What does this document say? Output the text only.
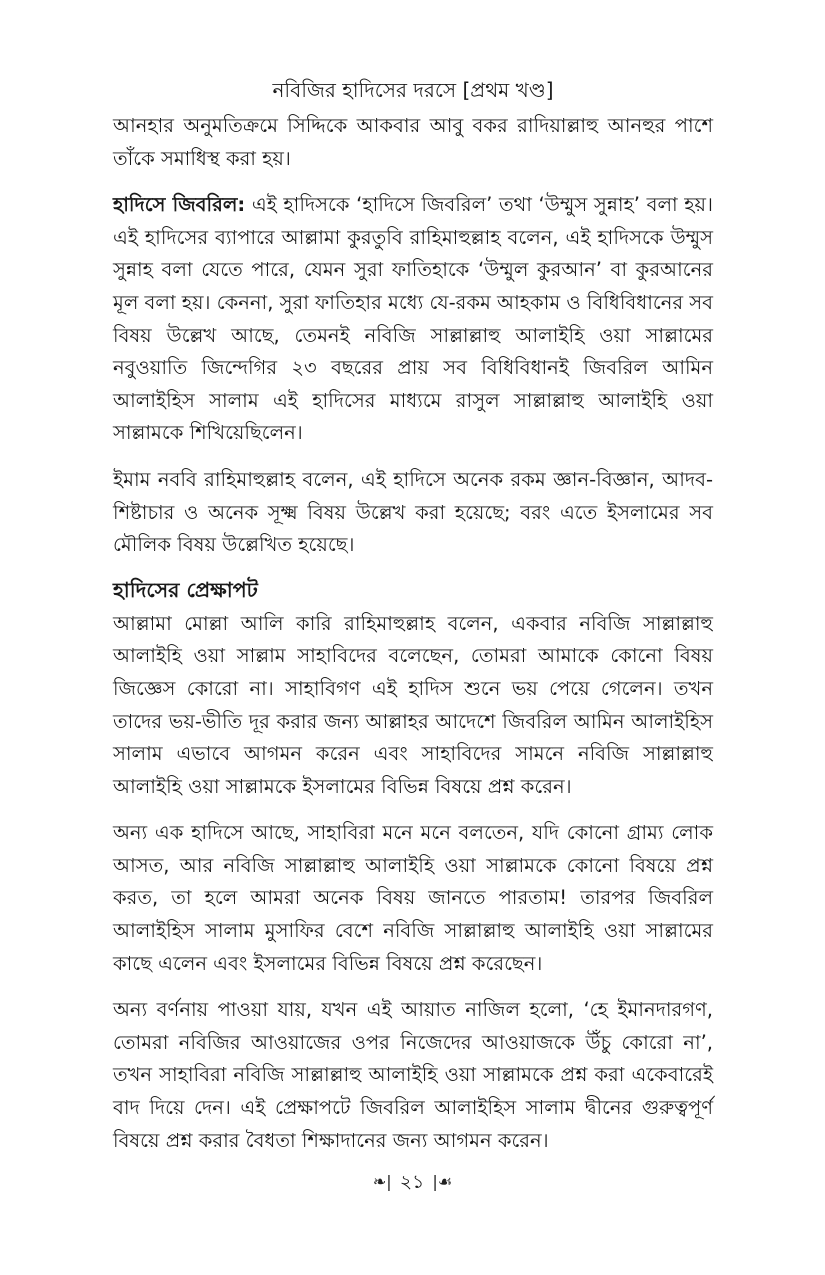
নবিজির হাদিসের দরসে [প্রথম খণ্ড]

আনহার অনুমতিক্রমে সিদ্দিকে আকবার আবু বকর রাদিয়াল্লাহু আনহুর পাশে তাঁকে সমাধিস্থ করা হয়।

হাদিসে জিবরিল: এই হাদিসকে ‘হাদিসে জিবরিল’ তথা ‘উম্মুস সুন্নাহ’ বলা হয়। এই হাদিসের ব্যাপারে আল্লামা কুরতুবি রাহিমাহুল্লাহ বলেন, এই হাদিসকে উম্মুস সুন্নাহ বলা যেতে পারে, যেমন সুরা ফাতিহাকে ‘উম্মুল কুরআন’ বা কুরআনের মূল বলা হয়। কেননা, সুরা ফাতিহার মধ্যে যে-রকম আহকাম ও বিধিবিধানের সব বিষয় উল্লেখ আছে, তেমনই নবিজি সাল্লাল্লাহু আলাইহি ওয়া সাল্লামের নবুওয়াতি জিন্দেগির ২৩ বছরের প্রায় সব বিধিবিধানই জিবরিল আমিন আলাইহিস সালাম এই হাদিসের মাধ্যমে রাসুল সাল্লাল্লাহু আলাইহি ওয়া সাল্লামকে শিখিয়েছিলেন।

ইমাম নববি রাহিমাহুল্লাহ বলেন, এই হাদিসে অনেক রকম জ্ঞান-বিজ্ঞান, আদব-শিষ্টাচার ও অনেক সূক্ষ্ম বিষয় উল্লেখ করা হয়েছে; বরং এতে ইসলামের সব মৌলিক বিষয় উল্লেখিত হয়েছে।

হাদিসের প্রেক্ষাপট

আল্লামা মোল্লা আলি কারি রাহিমাহুল্লাহ বলেন, একবার নবিজি সাল্লাল্লাহু আলাইহি ওয়া সাল্লাম সাহাবিদের বলেছেন, তোমরা আমাকে কোনো বিষয় জিজ্ঞেস কোরো না। সাহাবিগণ এই হাদিস শুনে ভয় পেয়ে গেলেন। তখন তাদের ভয়-ভীতি দূর করার জন্য আল্লাহর আদেশে জিবরিল আমিন আলাইহিস সালাম এভাবে আগমন করেন এবং সাহাবিদের সামনে নবিজি সাল্লাল্লাহু আলাইহি ওয়া সাল্লামকে ইসলামের বিভিন্ন বিষয়ে প্রশ্ন করেন।

অন্য এক হাদিসে আছে, সাহাবিরা মনে মনে বলতেন, যদি কোনো গ্রাম্য লোক আসত, আর নবিজি সাল্লাল্লাহু আলাইহি ওয়া সাল্লামকে কোনো বিষয়ে প্রশ্ন করত, তা হলে আমরা অনেক বিষয় জানতে পারতাম! তারপর জিবরিল আলাইহিস সালাম মুসাফির বেশে নবিজি সাল্লাল্লাহু আলাইহি ওয়া সাল্লামের কাছে এলেন এবং ইসলামের বিভিন্ন বিষয়ে প্রশ্ন করেছেন।

অন্য বর্ণনায় পাওয়া যায়, যখন এই আয়াত নাজিল হলো, ‘হে ইমানদারগণ, তোমরা নবিজির আওয়াজের ওপর নিজেদের আওয়াজকে উঁচু কোরো না’, তখন সাহাবিরা নবিজি সাল্লাল্লাহু আলাইহি ওয়া সাল্লামকে প্রশ্ন করা একেবারেই বাদ দিয়ে দেন। এই প্রেক্ষাপটে জিবরিল আলাইহিস সালাম দ্বীনের গুরুত্বপূর্ণ বিষয়ে প্রশ্ন করার বৈধতা শিক্ষাদানের জন্য আগমন করেন।

❧| ২১ |☙
